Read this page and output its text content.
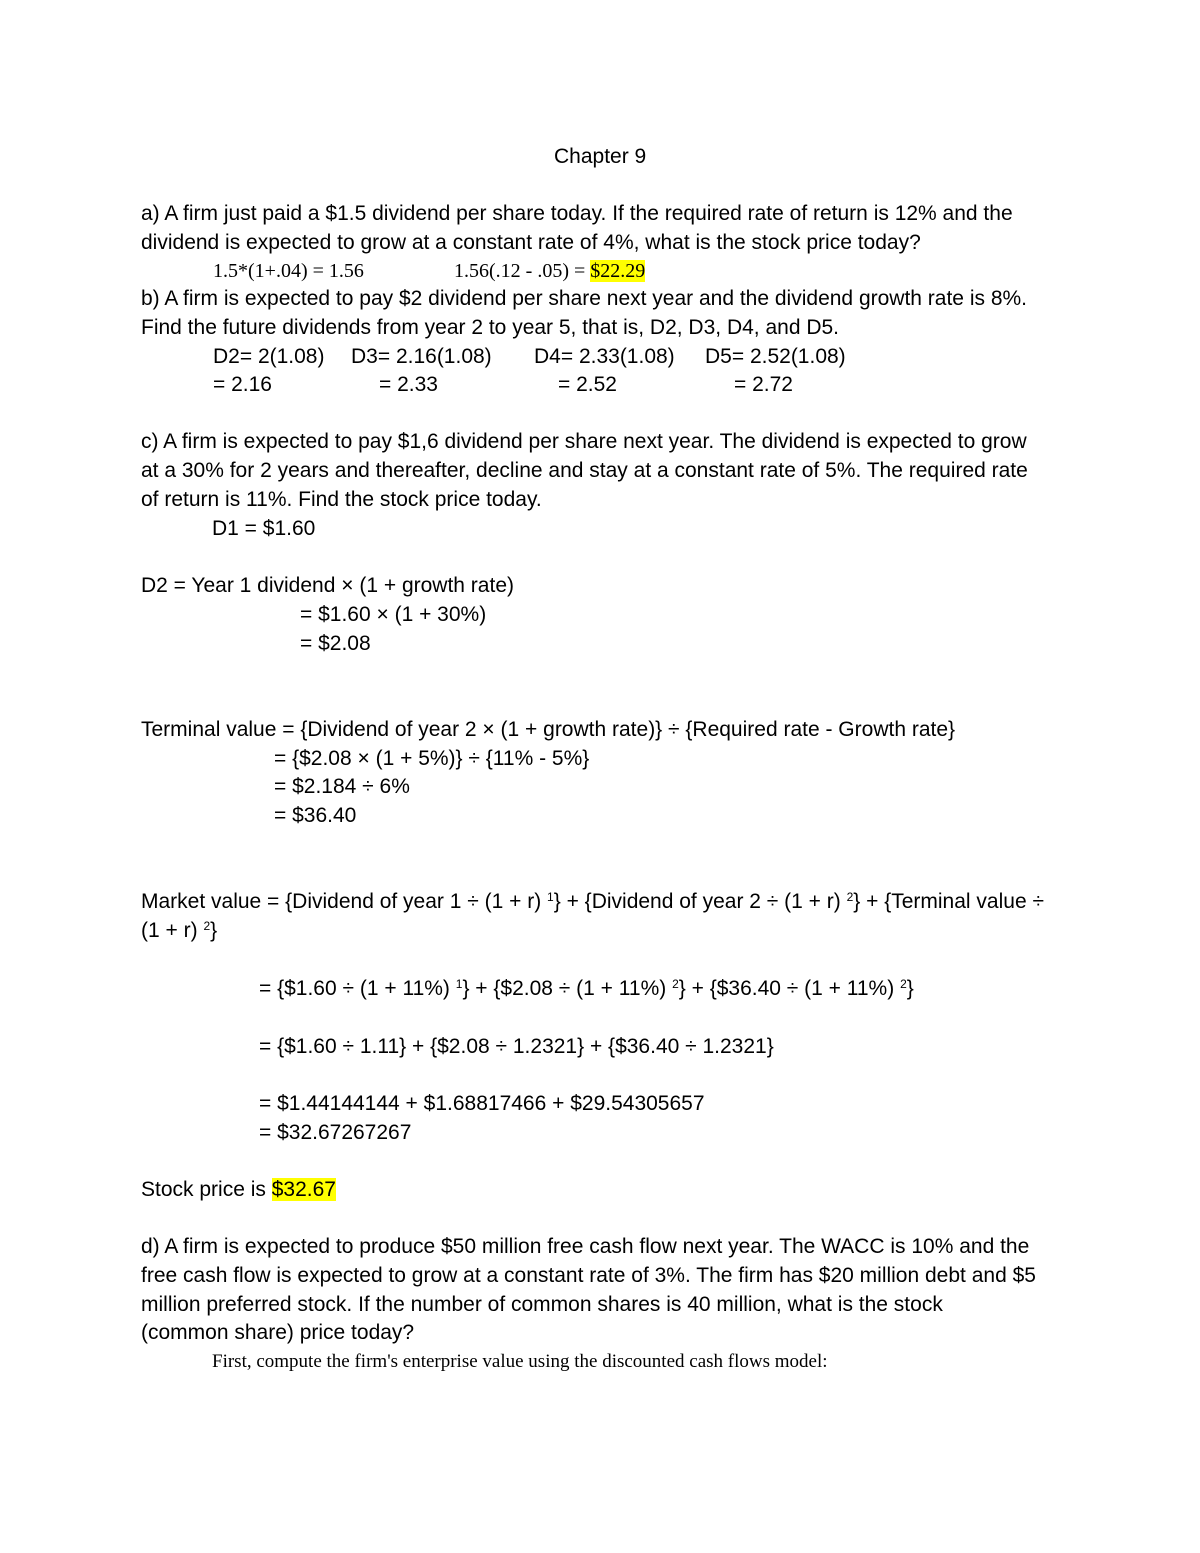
Chapter 9
a) A firm just paid a $1.5 dividend per share today. If the required rate of return is 12% and the
dividend is expected to grow at a constant rate of 4%, what is the stock price today?
1.5*(1+.04) = 1.56	1.56(.12 - .05) = $22.29
b) A firm is expected to pay $2 dividend per share next year and the dividend growth rate is 8%.
Find the future dividends from year 2 to year 5, that is, D2, D3, D4, and D5.
D2= 2(1.08) D3= 2.16(1.08) D4= 2.33(1.08) D5= 2.52(1.08)
= 2.16	= 2.33	= 2.52	= 2.72
c) A firm is expected to pay $1,6 dividend per share next year. The dividend is expected to grow
at a 30% for 2 years and thereafter, decline and stay at a constant rate of 5%. The required rate
of return is 11%. Find the stock price today.
D1 = $1.60
D2 = Year 1 dividend × (1 + growth rate)
= $1.60 × (1 + 30%)
= $2.08
Terminal value = {Dividend of year 2 × (1 + growth rate)} ÷ {Required rate - Growth rate}
= {$2.08 × (1 + 5%)} ÷ {11% - 5%}
= $2.184 ÷ 6%
= $36.40
Market value = {Dividend of year 1 ÷ (1 + r) $^1$} + {Dividend of year 2 ÷ (1 + r) $^2$} + {Terminal value ÷
(1 + r) $^2$}
= {$1.60 ÷ (1 + 11%) $^1$} + {$2.08 ÷ (1 + 11%) $^2$} + {$36.40 ÷ (1 + 11%) $^2$}
= {$1.60 ÷ 1.11} + {$2.08 ÷ 1.2321} + {$36.40 ÷ 1.2321}
= $1.44144144 + $1.68817466 + $29.54305657
= $32.67267267
Stock price is $32.67
d) A firm is expected to produce $50 million free cash flow next year. The WACC is 10% and the
free cash flow is expected to grow at a constant rate of 3%. The firm has $20 million debt and $5
million preferred stock. If the number of common shares is 40 million, what is the stock
(common share) price today?
First, compute the firm's enterprise value using the discounted cash flows model:
